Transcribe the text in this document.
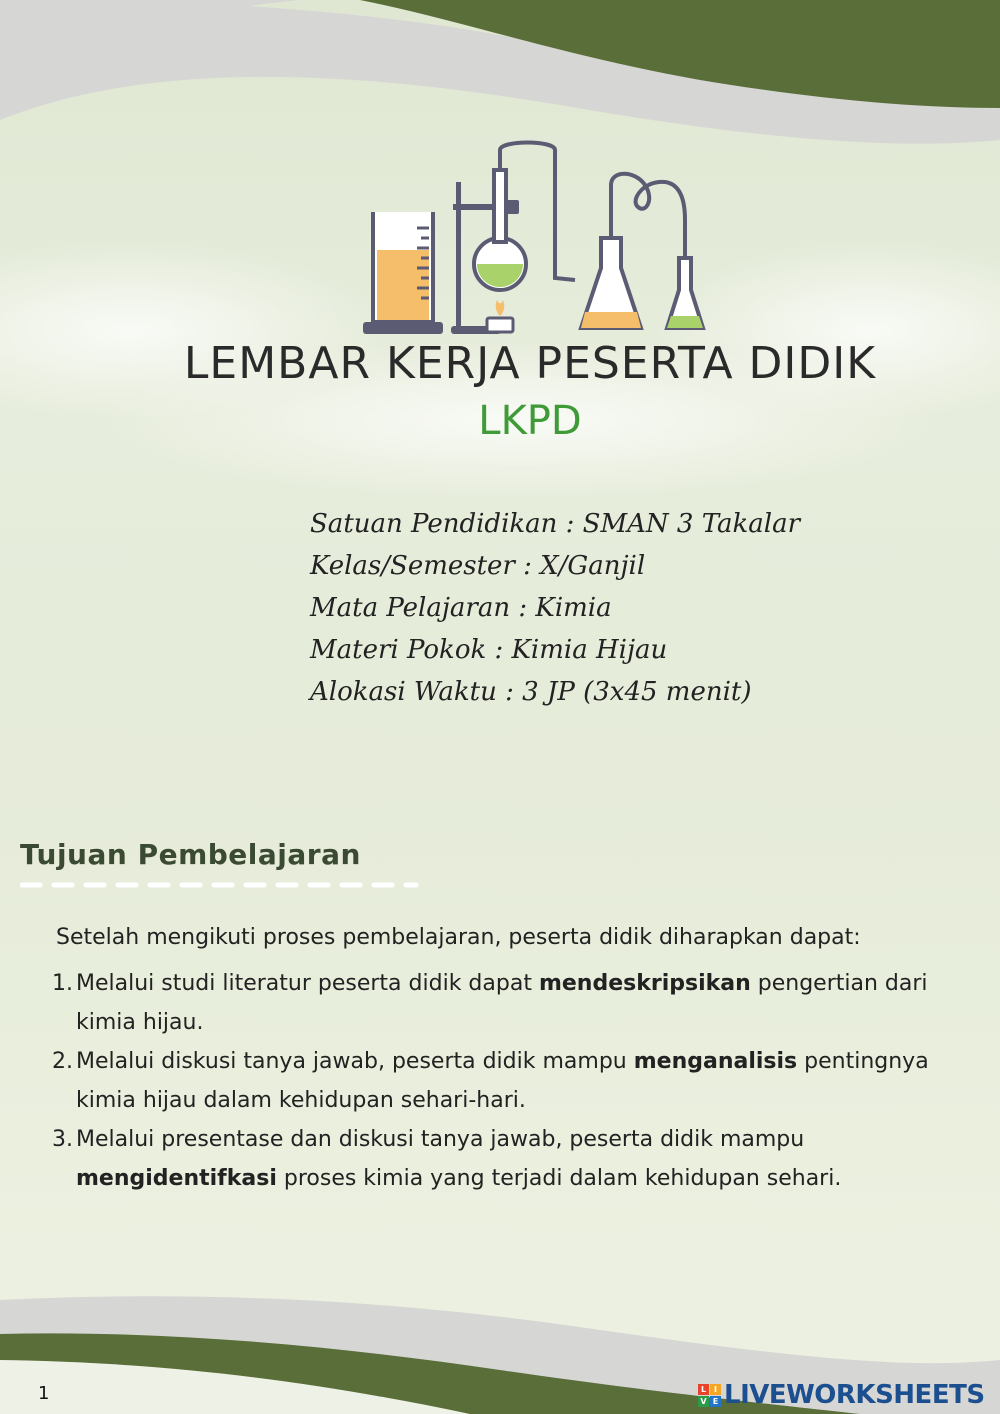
LEMBAR KERJA PESERTA DIDIK
LKPD
Satuan Pendidikan : SMAN 3 Takalar
Kelas/Semester : X/Ganjil
Mata Pelajaran : Kimia
Materi Pokok : Kimia Hijau
Alokasi Waktu : 3 JP (3x45 menit)
Tujuan Pembelajaran

Setelah mengikuti proses pembelajaran, peserta didik diharapkan dapat:

1. Melalui studi literatur peserta didik dapat mendeskripsikan pengertian dari kimia hijau.
2. Melalui diskusi tanya jawab, peserta didik mampu menganalisis pentingnya kimia hijau dalam kehidupan sehari-hari.
3. Melalui presentase dan diskusi tanya jawab, peserta didik mampu mengidentifkasi proses kimia yang terjadi dalam kehidupan sehari.
1	L I
V E LIVEWORKSHEETS
